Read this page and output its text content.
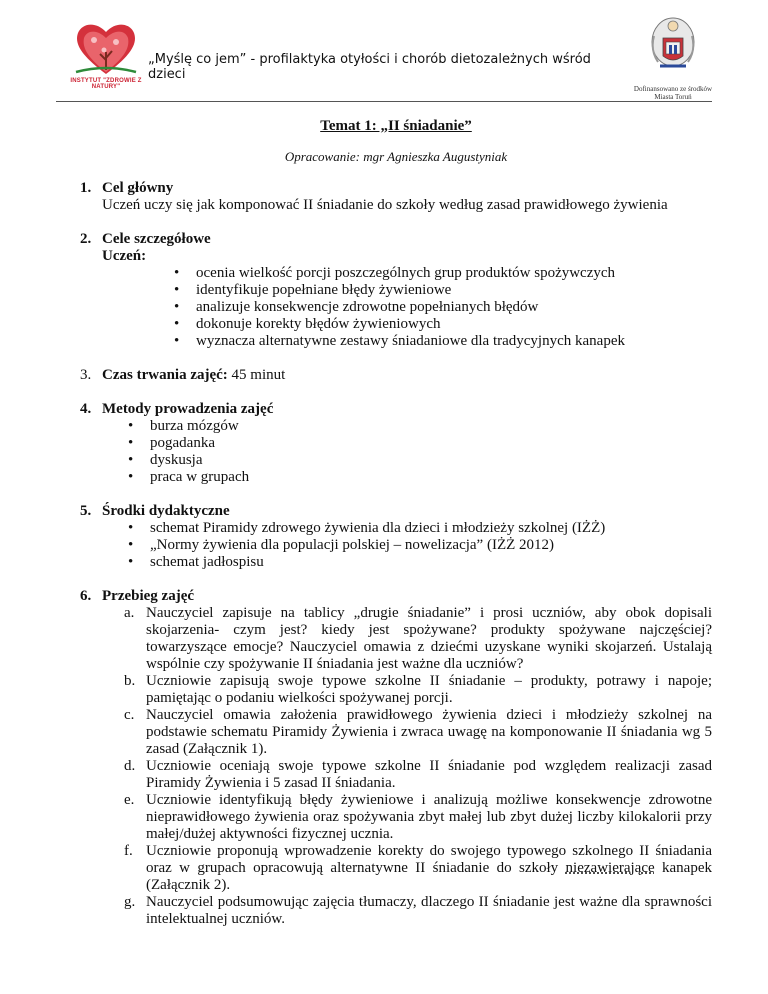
INSTYTUT "ZDROWIE Z NATURY"
„Myślę co jem” - profilaktyka otyłości i chorób dietozależnych wśród dzieci
Dofinansowano ze środków
Miasta Toruń

Temat 1: „II śniadanie”

Opracowanie: mgr Agnieszka Augustyniak

1. Cel główny
Uczeń uczy się jak komponować II śniadanie do szkoły według zasad prawidłowego żywienia
2. Cele szczegółowe
Uczeń:
• ocenia wielkość porcji poszczególnych grup produktów spożywczych
• identyfikuje popełniane błędy żywieniowe
• analizuje konsekwencje zdrowotne popełnianych błędów
• dokonuje korekty błędów żywieniowych
• wyznacza alternatywne zestawy śniadaniowe dla tradycyjnych kanapek
3. Czas trwania zajęć: 45 minut
4. Metody prowadzenia zajęć
• burza mózgów
• pogadanka
• dyskusja
• praca w grupach
5. Środki dydaktyczne
• schemat Piramidy zdrowego żywienia dla dzieci i młodzieży szkolnej (IŻŻ)
• „Normy żywienia dla populacji polskiej – nowelizacja” (IŻŻ 2012)
• schemat jadłospisu
6. Przebieg zajęć
a. Nauczyciel zapisuje na tablicy „drugie śniadanie” i prosi uczniów, aby obok dopisali skojarzenia- czym jest? kiedy jest spożywane? produkty spożywane najczęściej? towarzyszące emocje? Nauczyciel omawia z dziećmi uzyskane wyniki skojarzeń. Ustalają wspólnie czy spożywanie II śniadania jest ważne dla uczniów?
b. Uczniowie zapisują swoje typowe szkolne II śniadanie – produkty, potrawy i napoje; pamiętając o podaniu wielkości spożywanej porcji.
c. Nauczyciel omawia założenia prawidłowego żywienia dzieci i młodzieży szkolnej na podstawie schematu Piramidy Żywienia i zwraca uwagę na komponowanie II śniadania wg 5 zasad (Załącznik 1).
d. Uczniowie oceniają swoje typowe szkolne II śniadanie pod względem realizacji zasad Piramidy Żywienia i 5 zasad II śniadania.
e. Uczniowie identyfikują błędy żywieniowe i analizują możliwe konsekwencje zdrowotne nieprawidłowego żywienia oraz spożywania zbyt małej lub zbyt dużej liczby kilokalorii przy małej/dużej aktywności fizycznej ucznia.
f. Uczniowie proponują wprowadzenie korekty do swojego typowego szkolnego II śniadania oraz w grupach opracowują alternatywne II śniadanie do szkoły niezawierające kanapek (Załącznik 2).
g. Nauczyciel podsumowując zajęcia tłumaczy, dlaczego II śniadanie jest ważne dla sprawności intelektualnej uczniów.
